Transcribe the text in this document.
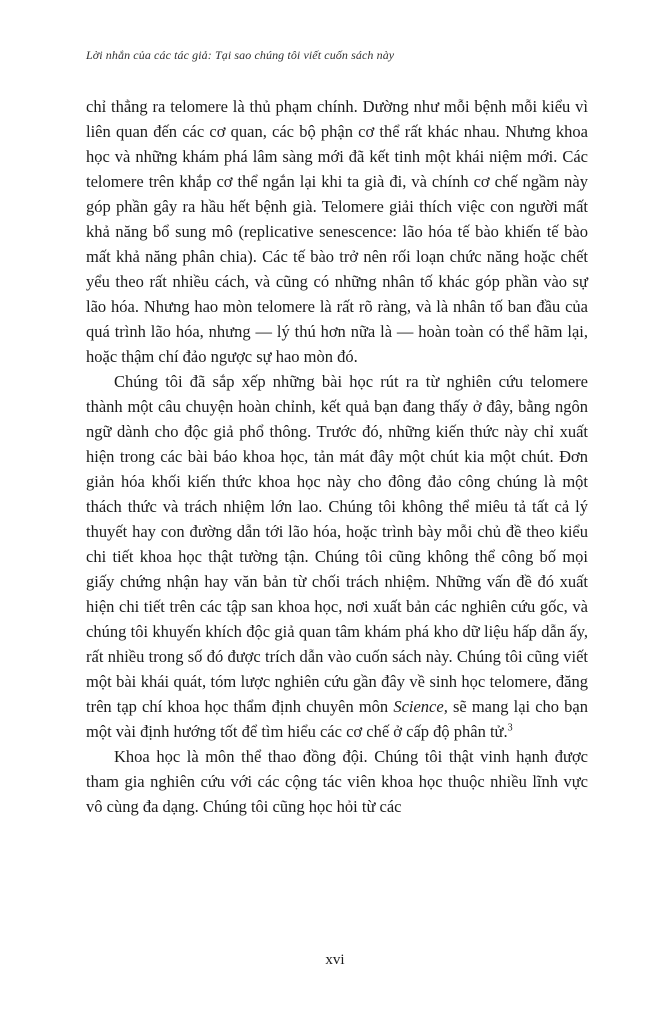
Lời nhắn của các tác giả: Tại sao chúng tôi viết cuốn sách này

chỉ thẳng ra telomere là thủ phạm chính. Dường như mỗi bệnh mỗi kiểu vì liên quan đến các cơ quan, các bộ phận cơ thể rất khác nhau. Nhưng khoa học và những khám phá lâm sàng mới đã kết tinh một khái niệm mới. Các telomere trên khắp cơ thể ngắn lại khi ta già đi, và chính cơ chế ngầm này góp phần gây ra hầu hết bệnh già. Telomere giải thích việc con người mất khả năng bổ sung mô (replicative senescence: lão hóa tế bào khiến tế bào mất khả năng phân chia). Các tế bào trở nên rối loạn chức năng hoặc chết yểu theo rất nhiều cách, và cũng có những nhân tố khác góp phần vào sự lão hóa. Nhưng hao mòn telomere là rất rõ ràng, và là nhân tố ban đầu của quá trình lão hóa, nhưng — lý thú hơn nữa là — hoàn toàn có thể hãm lại, hoặc thậm chí đảo ngược sự hao mòn đó.

Chúng tôi đã sắp xếp những bài học rút ra từ nghiên cứu telomere thành một câu chuyện hoàn chỉnh, kết quả bạn đang thấy ở đây, bằng ngôn ngữ dành cho độc giả phổ thông. Trước đó, những kiến thức này chỉ xuất hiện trong các bài báo khoa học, tản mát đây một chút kia một chút. Đơn giản hóa khối kiến thức khoa học này cho đông đảo công chúng là một thách thức và trách nhiệm lớn lao. Chúng tôi không thể miêu tả tất cả lý thuyết hay con đường dẫn tới lão hóa, hoặc trình bày mỗi chủ đề theo kiểu chi tiết khoa học thật tường tận. Chúng tôi cũng không thể công bố mọi giấy chứng nhận hay văn bản từ chối trách nhiệm. Những vấn đề đó xuất hiện chi tiết trên các tập san khoa học, nơi xuất bản các nghiên cứu gốc, và chúng tôi khuyến khích độc giả quan tâm khám phá kho dữ liệu hấp dẫn ấy, rất nhiều trong số đó được trích dẫn vào cuốn sách này. Chúng tôi cũng viết một bài khái quát, tóm lược nghiên cứu gần đây về sinh học telomere, đăng trên tạp chí khoa học thẩm định chuyên môn Science, sẽ mang lại cho bạn một vài định hướng tốt để tìm hiểu các cơ chế ở cấp độ phân tử.$^3$

Khoa học là môn thể thao đồng đội. Chúng tôi thật vinh hạnh được tham gia nghiên cứu với các cộng tác viên khoa học thuộc nhiều lĩnh vực vô cùng đa dạng. Chúng tôi cũng học hỏi từ các

xvi
